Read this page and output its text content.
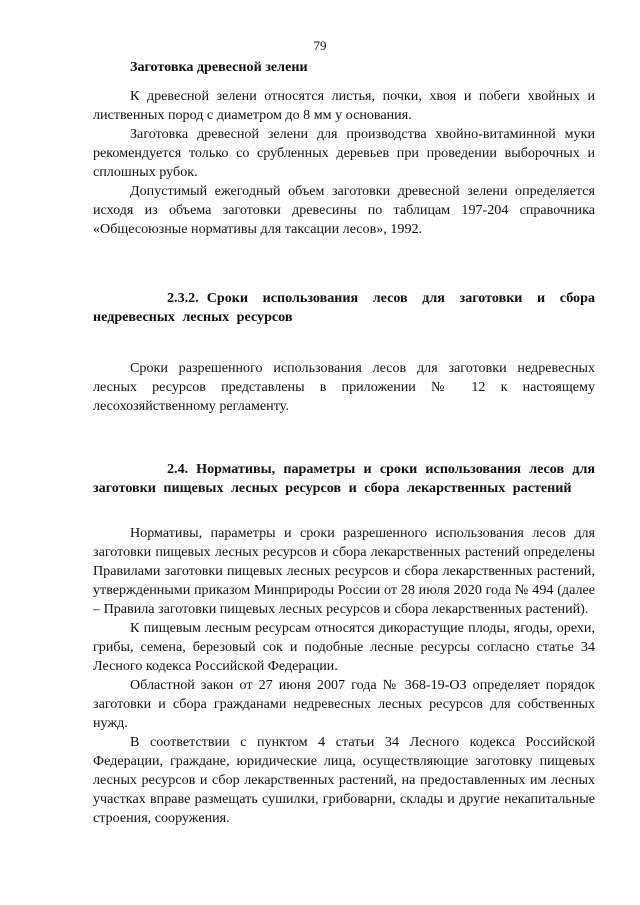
79
Заготовка древесной зелени

К древесной зелени относятся листья, почки, хвоя и побеги хвойных и лиственных пород с диаметром до 8 мм у основания.

Заготовка древесной зелени для производства хвойно-витаминной муки рекомендуется только со срубленных деревьев при проведении выборочных и сплошных рубок.

Допустимый ежегодный объем заготовки древесной зелени определяется исходя из объема заготовки древесины по таблицам 197-204 справочника «Общесоюзные нормативы для таксации лесов», 1992.

2.3.2. Сроки использования лесов для заготовки и сбора недревесных лесных ресурсов

Сроки разрешенного использования лесов для заготовки недревесных лесных ресурсов представлены в приложении № 12 к настоящему лесохозяйственному регламенту.

2.4. Нормативы, параметры и сроки использования лесов для заготовки пищевых лесных ресурсов и сбора лекарственных растений

Нормативы, параметры и сроки разрешенного использования лесов для заготовки пищевых лесных ресурсов и сбора лекарственных растений определены Правилами заготовки пищевых лесных ресурсов и сбора лекарственных растений, утвержденными приказом Минприроды России от 28 июля 2020 года № 494 (далее – Правила заготовки пищевых лесных ресурсов и сбора лекарственных растений).

К пищевым лесным ресурсам относятся дикорастущие плоды, ягоды, орехи, грибы, семена, березовый сок и подобные лесные ресурсы согласно статье 34 Лесного кодекса Российской Федерации.

Областной закон от 27 июня 2007 года № 368-19-ОЗ определяет порядок заготовки и сбора гражданами недревесных лесных ресурсов для собственных нужд.

В соответствии с пунктом 4 статьи 34 Лесного кодекса Российской Федерации, граждане, юридические лица, осуществляющие заготовку пищевых лесных ресурсов и сбор лекарственных растений, на предоставленных им лесных участках вправе размещать сушилки, грибоварни, склады и другие некапитальные строения, сооружения.
